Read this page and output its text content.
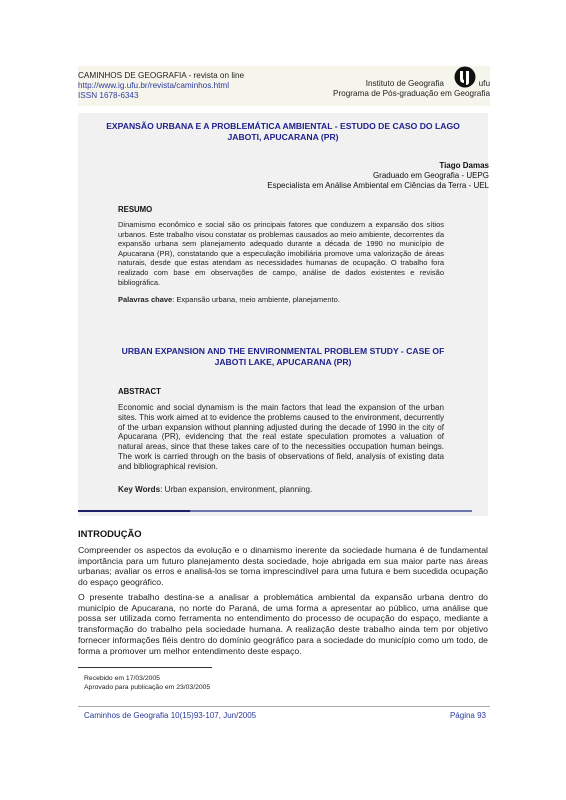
CAMINHOS DE GEOGRAFIA - revista on line
http://www.ig.ufu.br/revista/caminhos.html
ISSN 1678-6343
Instituto de Geografia	ufu
Programa de Pós-graduação em Geografia
EXPANSÃO URBANA E A PROBLEMÁTICA AMBIENTAL - ESTUDO DE CASO DO LAGO JABOTI, APUCARANA (PR)
Tiago Damas
Graduado em Geografia - UEPG
Especialista em Análise Ambiental em Ciências da Terra - UEL
RESUMO
Dinamismo econômico e social são os principais fatores que conduzem a expansão dos sítios urbanos. Este trabalho visou constatar os problemas causados ao meio ambiente, decorrentes da expansão urbana sem planejamento adequado durante a década de 1990 no município de Apucarana (PR), constatando que a especulação imobiliária promove uma valorização de áreas naturais, desde que estas atendam as necessidades humanas de ocupação. O trabalho fora realizado com base em observações de campo, análise de dados existentes e revisão bibliográfica.
Palavras chave: Expansão urbana, meio ambiente, planejamento.
URBAN EXPANSION AND THE ENVIRONMENTAL PROBLEM STUDY - CASE OF JABOTI LAKE, APUCARANA (PR)
ABSTRACT
Economic and social dynamism is the main factors that lead the expansion of the urban sites. This work aimed at to evidence the problems caused to the environment, decurrently of the urban expansion without planning adjusted during the decade of 1990 in the city of Apucarana (PR), evidencing that the real estate speculation promotes a valuation of natural areas, since that these takes care of to the necessities occupation human beings. The work is carried through on the basis of observations of field, analysis of existing data and bibliographical revision.
Key Words: Urban expansion, environment, planning.
INTRODUÇÃO
Compreender os aspectos da evolução e o dinamismo inerente da sociedade humana é de fundamental importância para um futuro planejamento desta sociedade, hoje abrigada em sua maior parte nas áreas urbanas; avaliar os erros e analisá-los se torna imprescindível para uma futura e bem sucedida ocupação do espaço geográfico.
O presente trabalho destina-se a analisar a problemática ambiental da expansão urbana dentro do município de Apucarana, no norte do Paraná, de uma forma a apresentar ao público, uma análise que possa ser utilizada como ferramenta no entendimento do processo de ocupação do espaço, mediante a transformação do trabalho pela sociedade humana. A realização deste trabalho ainda tem por objetivo fornecer informações fiéis dentro do domínio geográfico para a sociedade do município como um todo, de forma a promover um melhor entendimento deste espaço.
Recebido em 17/03/2005
Aprovado para publicação em 23/03/2005
Caminhos de Geografia 10(15)93-107, Jun/2005	Página 93
